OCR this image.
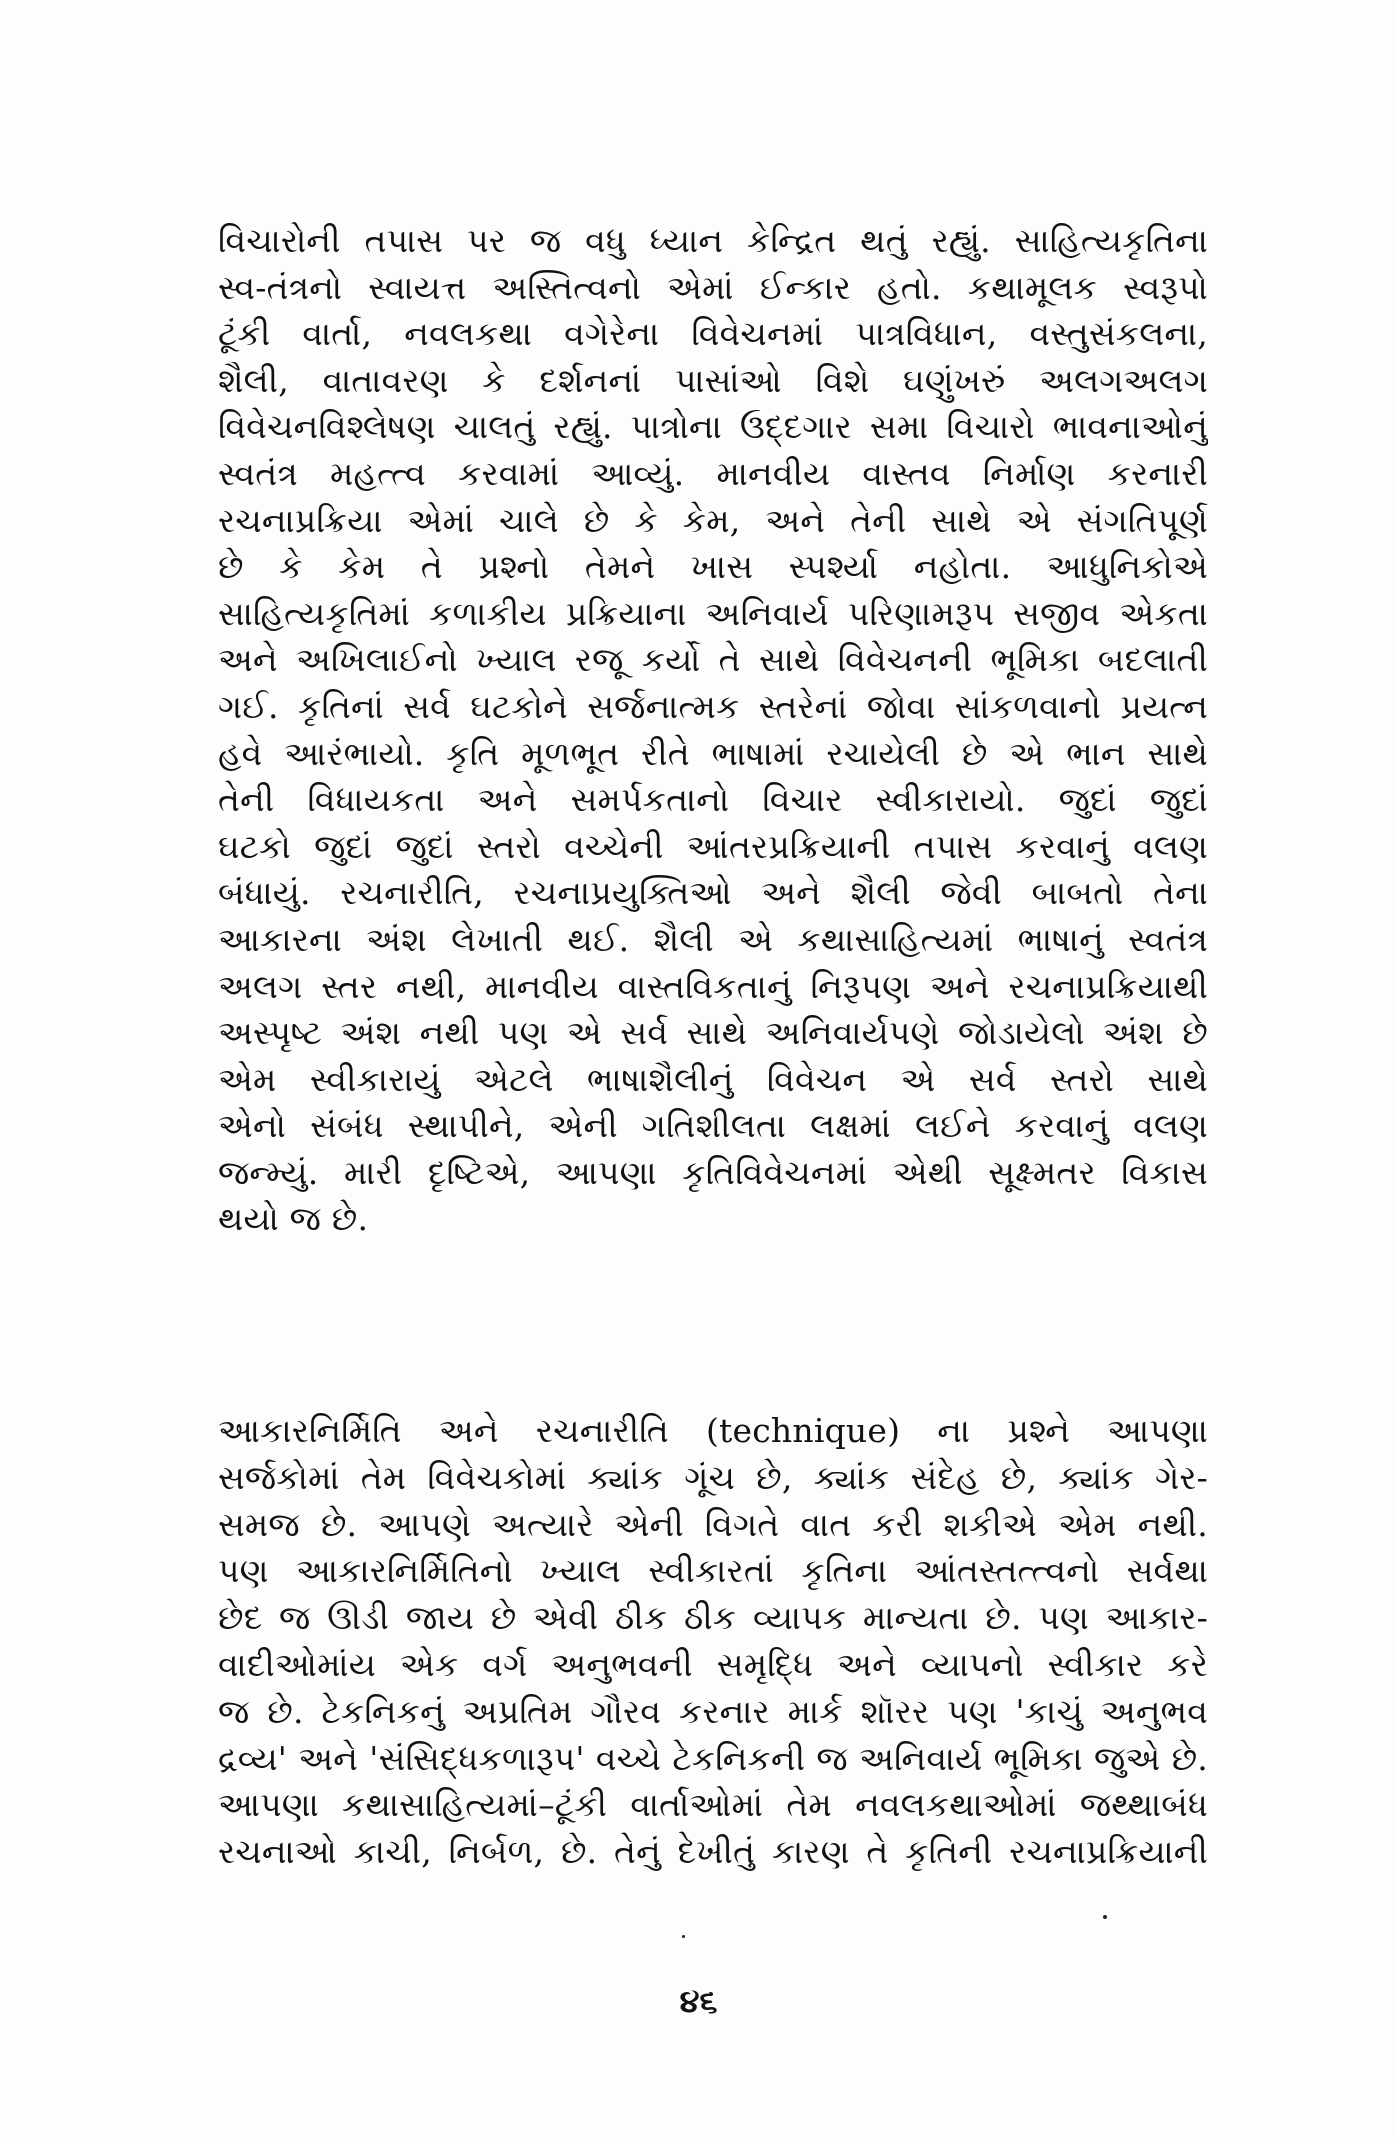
વિચારોની તપાસ પર જ વધુ ધ્યાન કેન્દ્રિત થતું રહ્યું. સાહિત્યકૃતિના
સ્વ-તંત્રનો સ્વાયત્ત અસ્તિત્વનો એમાં ઈન્કાર હતો. કથામૂલક સ્વરૂપો
ટૂંકી વાર્તા, નવલકથા વગેરેના વિવેચનમાં પાત્રવિધાન, વસ્તુસંકલના,
શૈલી, વાતાવરણ કે દર્શનનાં પાસાંઓ વિશે ઘણુંખરું અલગઅલગ
વિવેચનવિશ્લેષણ ચાલતું રહ્યું. પાત્રોના ઉદ્દગાર સમા વિચારો ભાવનાઓનું
સ્વતંત્ર મહત્ત્વ કરવામાં આવ્યું. માનવીય વાસ્તવ નિર્માણ કરનારી
રચનાપ્રક્રિયા એમાં ચાલે છે કે કેમ, અને તેની સાથે એ સંગતિપૂર્ણ
છે કે કેમ તે પ્રશ્નો તેમને ખાસ સ્પર્શ્યા નહોતા. આધુનિકોએ
સાહિત્યકૃતિમાં કળાકીય પ્રક્રિયાના અનિવાર્ય પરિણામરૂપ સજીવ એકતા
અને અખિલાઈનો ખ્યાલ રજૂ કર્યો તે સાથે વિવેચનની ભૂમિકા બદલાતી
ગઈ. કૃતિનાં સર્વ ઘટકોને સર્જનાત્મક સ્તરેનાં જોવા સાંકળવાનો પ્રયત્ન
હવે આરંભાયો. કૃતિ મૂળભૂત રીતે ભાષામાં રચાયેલી છે એ ભાન સાથે
તેની વિધાયકતા અને સમર્પકતાનો વિચાર સ્વીકારાયો. જુદાં જુદાં
ઘટકો જુદાં જુદાં સ્તરો વચ્ચેની આંતરપ્રક્રિયાની તપાસ કરવાનું વલણ
બંધાયું. રચનારીતિ, રચનાપ્રયુક્તિઓ અને શૈલી જેવી બાબતો તેના
આકારના અંશ લેખાતી થઈ. શૈલી એ કથાસાહિત્યમાં ભાષાનું સ્વતંત્ર
અલગ સ્તર નથી, માનવીય વાસ્તવિકતાનું નિરૂપણ અને રચનાપ્રક્રિયાથી
અસ્પૃષ્ટ અંશ નથી પણ એ સર્વ સાથે અનિવાર્યપણે જોડાયેલો અંશ છે
એમ સ્વીકારાયું એટલે ભાષાશૈલીનું વિવેચન એ સર્વ સ્તરો સાથે
એનો સંબંધ સ્થાપીને, એની ગતિશીલતા લક્ષમાં લઈને કરવાનું વલણ
જન્મ્યું. મારી દૃષ્ટિએ, આપણા કૃતિવિવેચનમાં એથી સૂક્ષ્મતર વિકાસ
થયો જ છે.
આકારનિર્મિતિ અને રચનારીતિ (technique) ના પ્રશ્ને આપણા
સર્જકોમાં તેમ વિવેચકોમાં ક્યાંક ગૂંચ છે, ક્યાંક સંદેહ છે, ક્યાંક ગેર-
સમજ છે. આપણે અત્યારે એની વિગતે વાત કરી શકીએ એમ નથી.
પણ આકારનિર્મિતિનો ખ્યાલ સ્વીકારતાં કૃતિના આંતસ્તત્ત્વનો સર્વથા
છેદ જ ઊડી જાય છે એવી ઠીક ઠીક વ્યાપક માન્યતા છે. પણ આકાર-
વાદીઓમાંય એક વર્ગ અનુભવની સમૃદ્ધિ અને વ્યાપનો સ્વીકાર કરે
જ છે. ટેકનિકનું અપ્રતિમ ગૌરવ કરનાર માર્ક શૉરર પણ 'કાચું અનુભવ
દ્રવ્ય' અને 'સંસિદ્ધકળારૂપ' વચ્ચે ટેકનિકની જ અનિવાર્ય ભૂમિકા જુએ છે.
આપણા કથાસાહિત્યમાં–ટૂંકી વાર્તાઓમાં તેમ નવલકથાઓમાં જથ્થાબંધ
રચનાઓ કાચી, નિર્બળ, છે. તેનું દેખીતું કારણ તે કૃતિની રચનાપ્રક્રિયાની
૪૬
